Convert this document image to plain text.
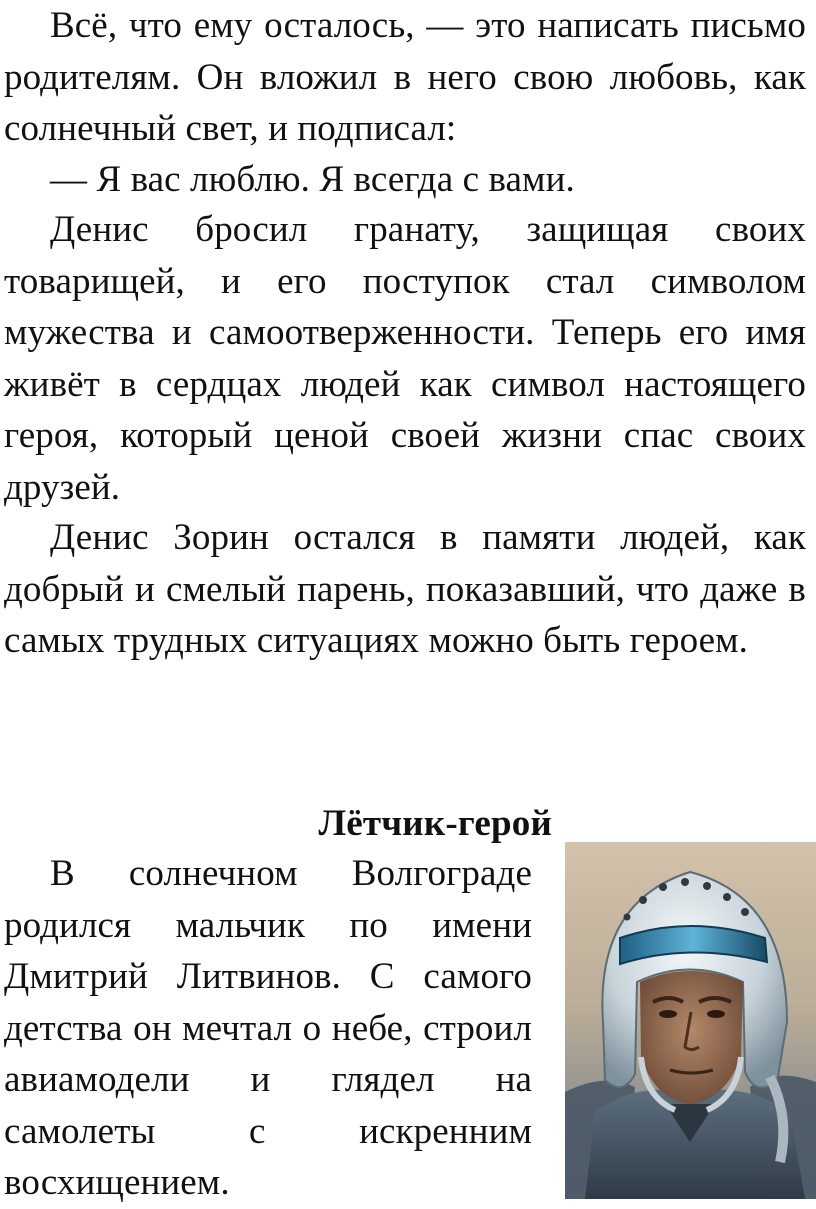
Всё, что ему осталось, — это написать письмо родителям. Он вложил в него свою любовь, как солнечный свет, и подписал:

— Я вас люблю. Я всегда с вами.

Денис бросил гранату, защищая своих товарищей, и его поступок стал символом мужества и самоотверженности. Теперь его имя живёт в сердцах людей как символ настоящего героя, который ценой своей жизни спас своих друзей.

Денис Зорин остался в памяти людей, как добрый и смелый парень, показавший, что даже в самых трудных ситуациях можно быть героем.

Лётчик-герой

В солнечном Волгограде родился мальчик по имени Дмитрий Литвинов. С самого детства он мечтал о небе, строил авиамодели и глядел на самолеты с искренним восхищением.
